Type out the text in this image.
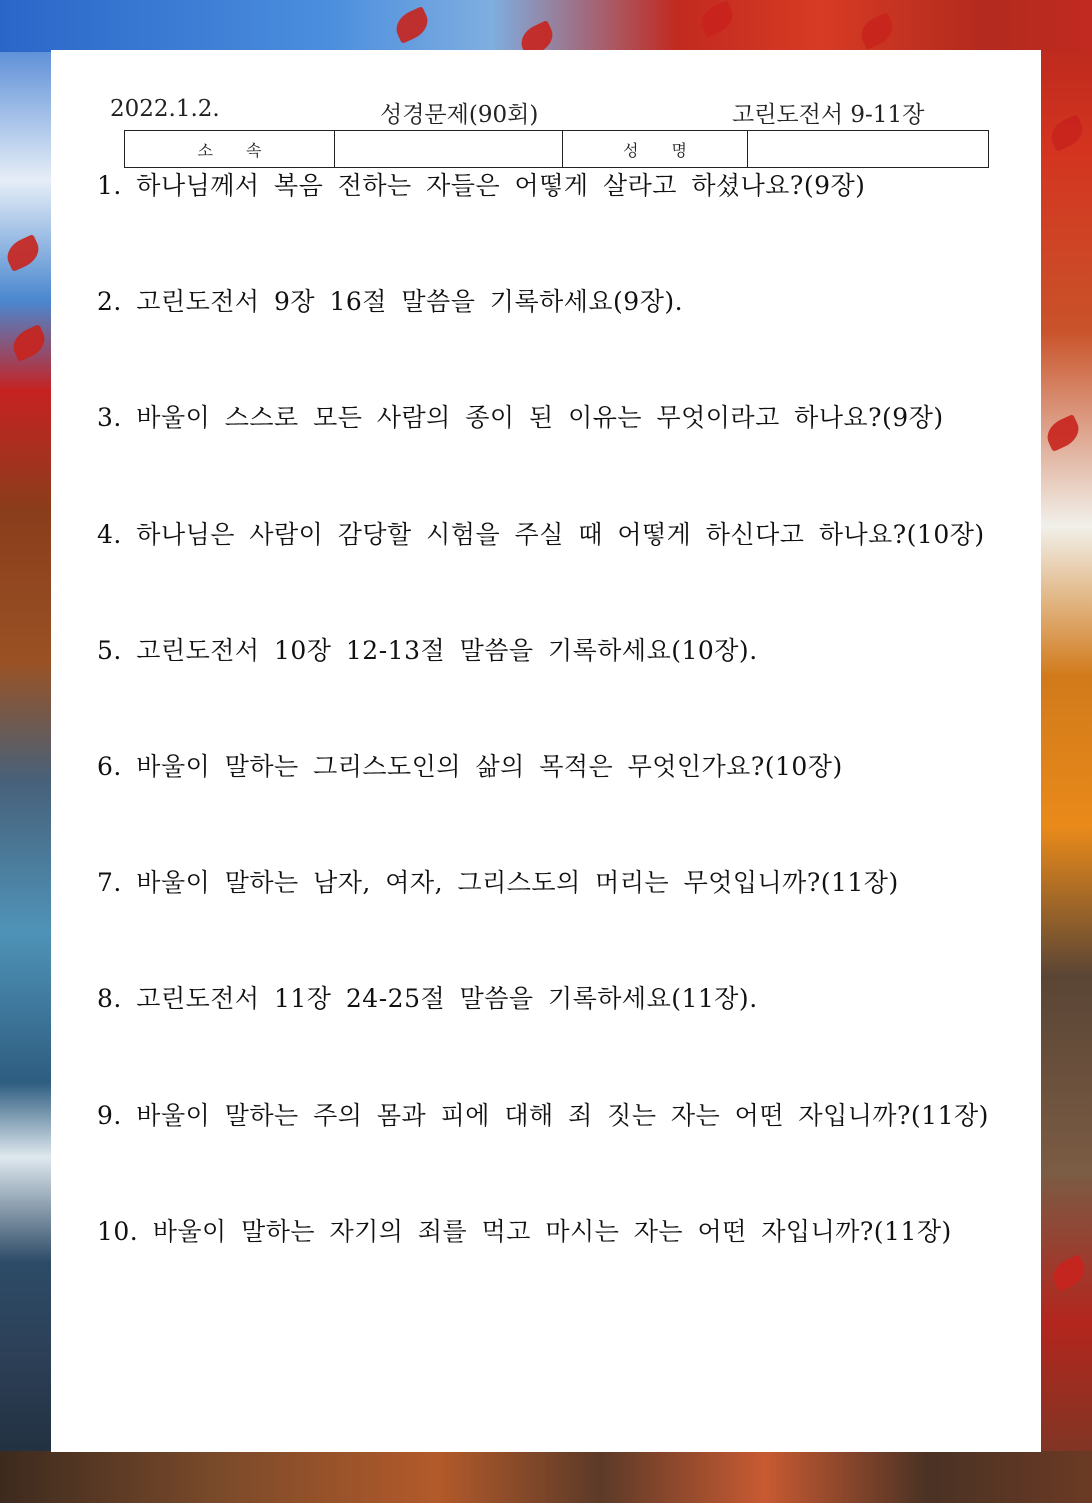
2022.1.2.	성경문제(90회)	고린도전서 9-11장
소 속		성 명	
1. 하나님께서 복음 전하는 자들은 어떻게 살라고 하셨나요?(9장)
2. 고린도전서 9장 16절 말씀을 기록하세요(9장).
3. 바울이 스스로 모든 사람의 종이 된 이유는 무엇이라고 하나요?(9장)
4. 하나님은 사람이 감당할 시험을 주실 때 어떻게 하신다고 하나요?(10장)
5. 고린도전서 10장 12-13절 말씀을 기록하세요(10장).
6. 바울이 말하는 그리스도인의 삶의 목적은 무엇인가요?(10장)
7. 바울이 말하는 남자, 여자, 그리스도의 머리는 무엇입니까?(11장)
8. 고린도전서 11장 24-25절 말씀을 기록하세요(11장).
9. 바울이 말하는 주의 몸과 피에 대해 죄 짓는 자는 어떤 자입니까?(11장)
10. 바울이 말하는 자기의 죄를 먹고 마시는 자는 어떤 자입니까?(11장)
